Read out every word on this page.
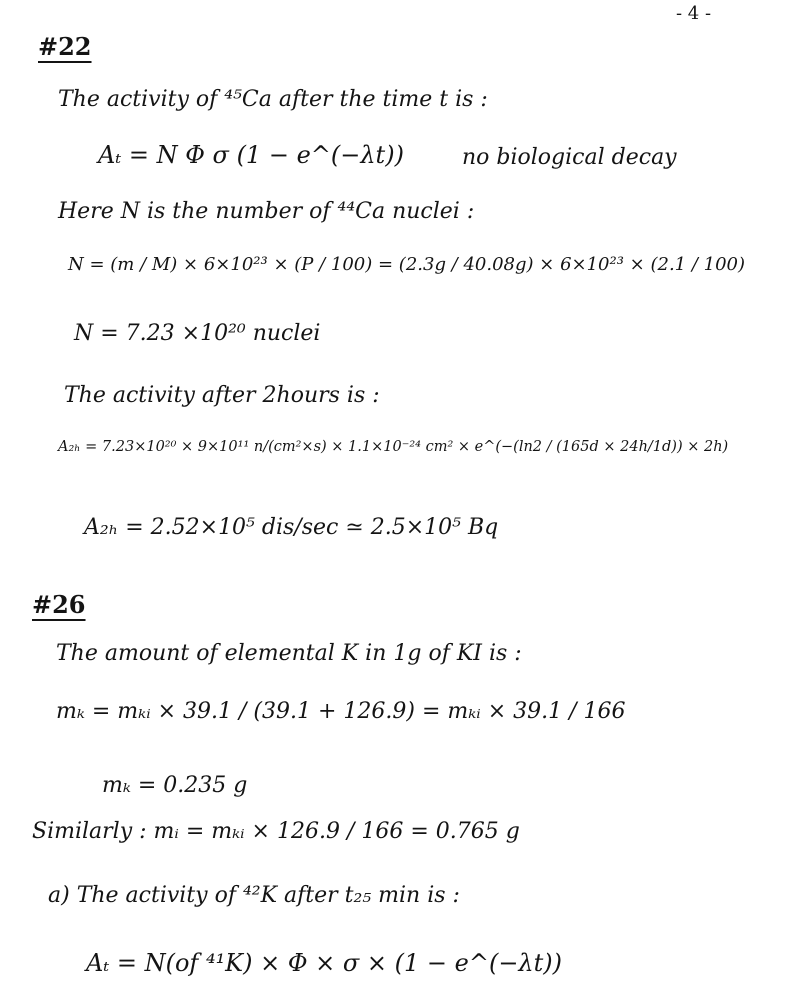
- 4 -
#22
The activity of ⁴⁵Ca after the time t is :
Aₜ = N Φ σ (1 − e^(−λt))	no biological decay
Here N is the number of ⁴⁴Ca nuclei :
N = (m / M) × 6×10²³ × (P / 100) = (2.3g / 40.08g) × 6×10²³ × (2.1 / 100)
N = 7.23 ×10²⁰ nuclei
The activity after 2hours is :
A₂ₕ = 7.23×10²⁰ × 9×10¹¹ n/(cm²×s) × 1.1×10⁻²⁴ cm² × e^(−(ln2 / (165d × 24h/1d)) × 2h)
A₂ₕ = 2.52×10⁵ dis/sec ≃ 2.5×10⁵ Bq
#26
The amount of elemental K in 1g of KI is :
mₖ = mₖᵢ × 39.1 / (39.1 + 126.9) = mₖᵢ × 39.1 / 166
mₖ = 0.235 g
Similarly : mᵢ = mₖᵢ × 126.9 / 166 = 0.765 g
a) The activity of ⁴²K after t₂₅ min is :
Aₜ = N(of ⁴¹K) × Φ × σ × (1 − e^(−λt))
